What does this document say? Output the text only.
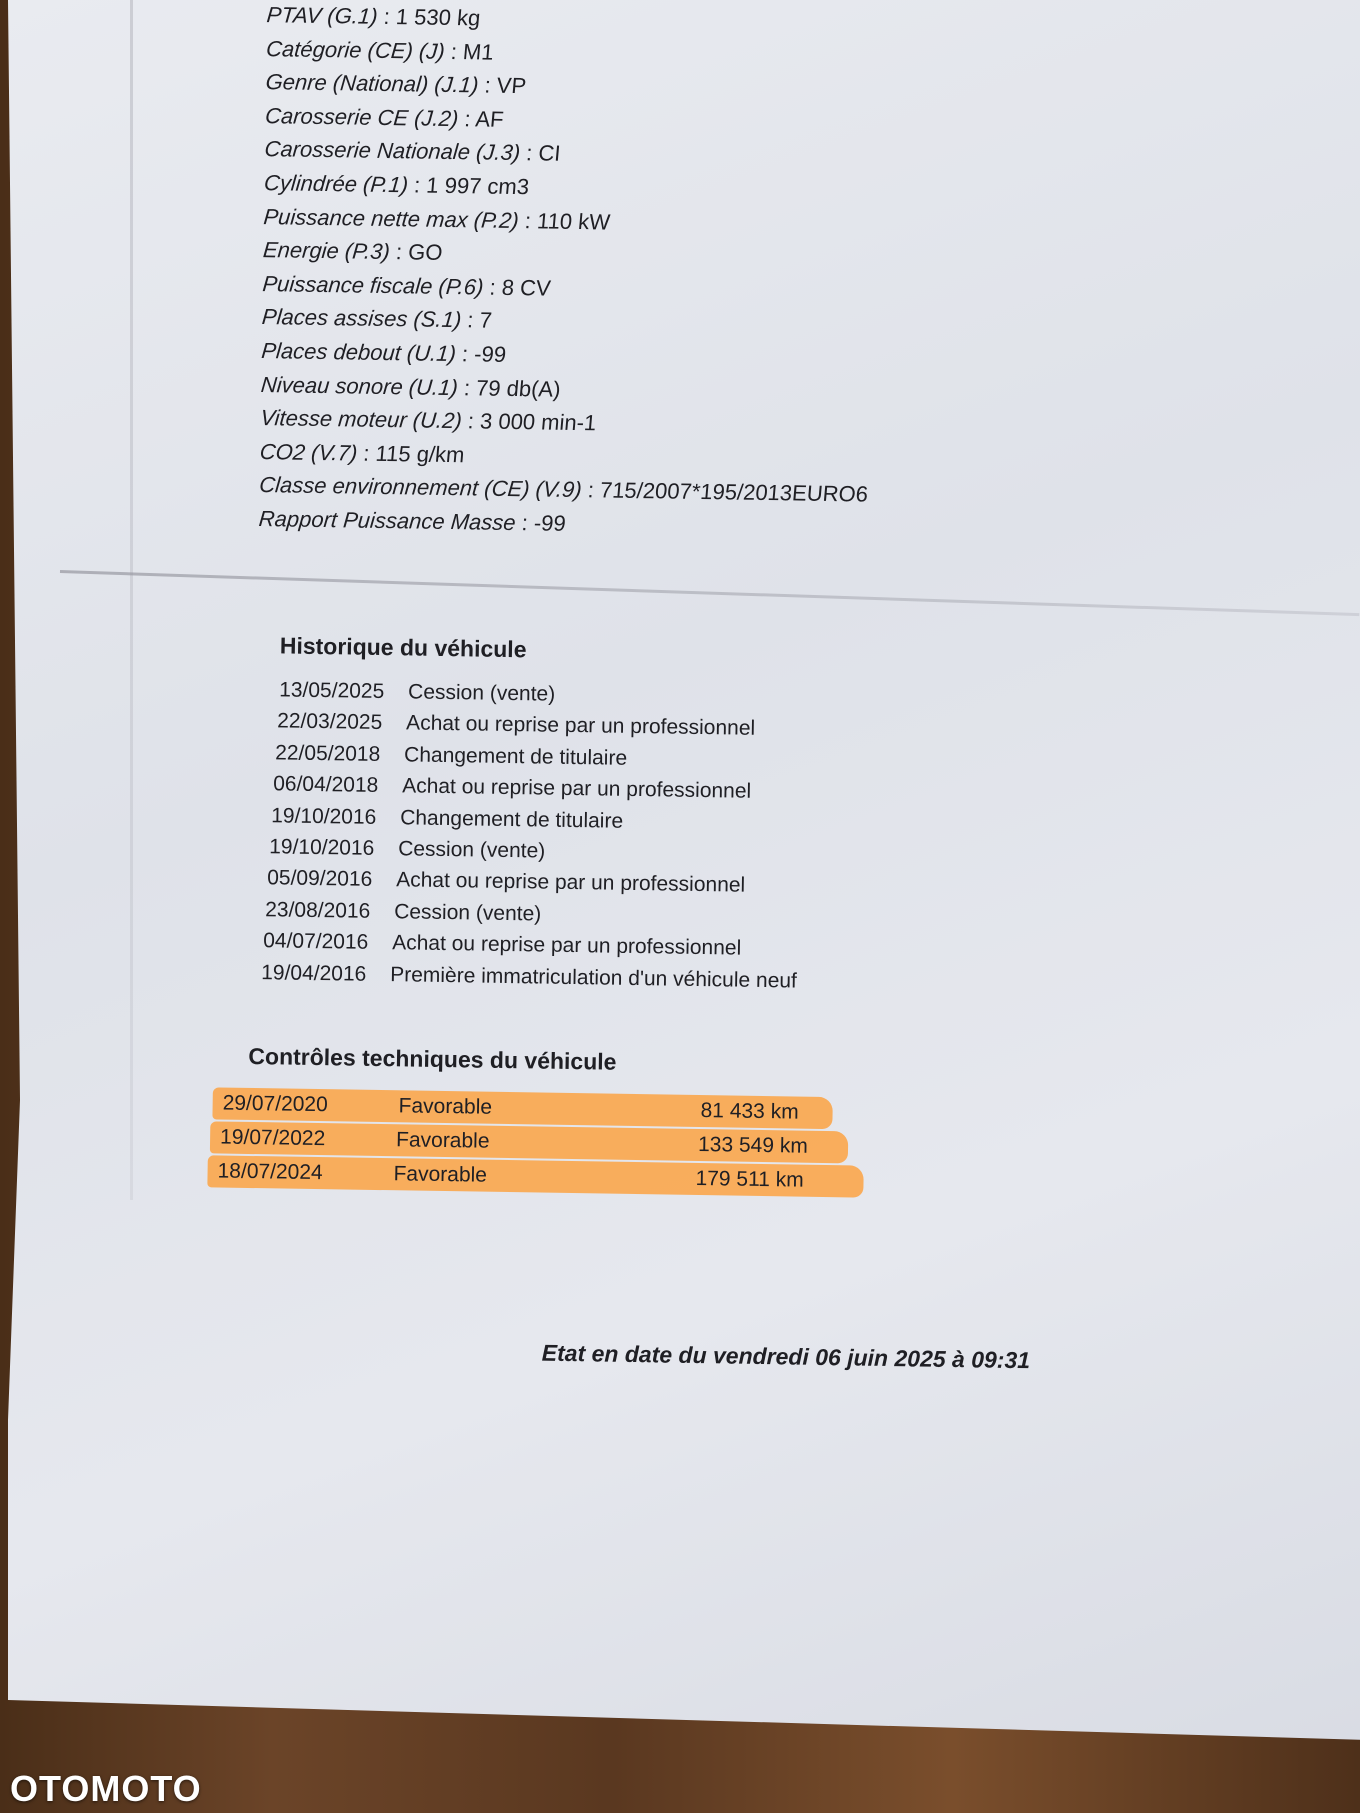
PTAV (G.1) : 1 530 kg
Catégorie (CE) (J) : M1
Genre (National) (J.1) : VP
Carosserie CE (J.2) : AF
Carosserie Nationale (J.3) : CI
Cylindrée (P.1) : 1 997 cm3
Puissance nette max (P.2) : 110 kW
Energie (P.3) : GO
Puissance fiscale (P.6) : 8 CV
Places assises (S.1) : 7
Places debout (U.1) : -99
Niveau sonore (U.1) : 79 db(A)
Vitesse moteur (U.2) : 3 000 min-1
CO2 (V.7) : 115 g/km
Classe environnement (CE) (V.9) : 715/2007*195/2013EURO6
Rapport Puissance Masse : -99
Historique du véhicule
13/05/2025 Cession (vente)
22/03/2025 Achat ou reprise par un professionnel
22/05/2018 Changement de titulaire
06/04/2018 Achat ou reprise par un professionnel
19/10/2016 Changement de titulaire
19/10/2016 Cession (vente)
05/09/2016 Achat ou reprise par un professionnel
23/08/2016 Cession (vente)
04/07/2016 Achat ou reprise par un professionnel
19/04/2016 Première immatriculation d'un véhicule neuf
Contrôles techniques du véhicule
29/07/2020	Favorable	81 433 km
19/07/2022	Favorable	133 549 km
18/07/2024	Favorable	179 511 km
Etat en date du vendredi 06 juin 2025 à 09:31
OTOMOTO
